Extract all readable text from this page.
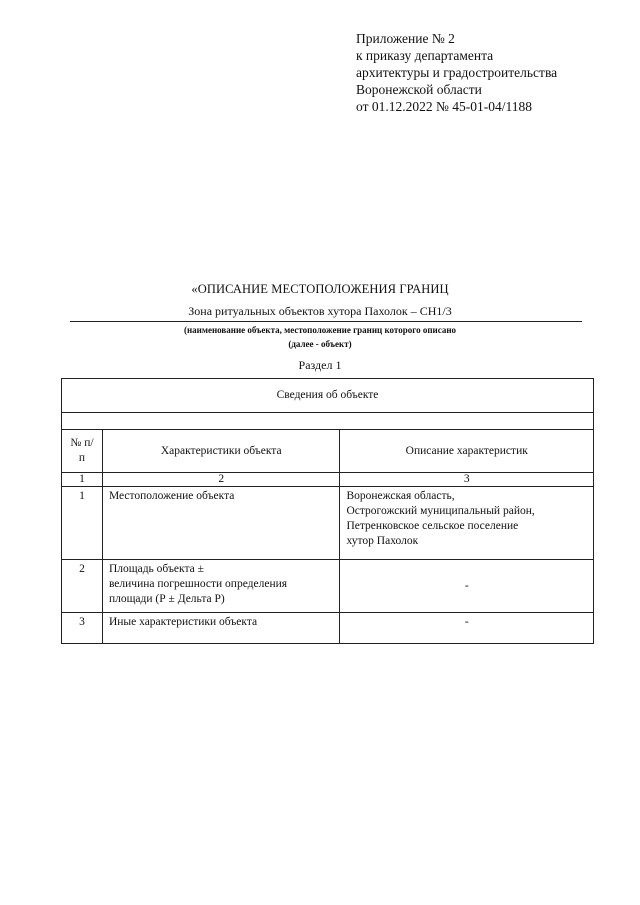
Приложение № 2
к приказу департамента
архитектуры и градостроительства
Воронежской области
от 01.12.2022 № 45-01-04/1188
«ОПИСАНИЕ МЕСТОПОЛОЖЕНИЯ ГРАНИЦ
Зона ритуальных объектов хутора Пахолок – СН1/3
(наименование объекта, местоположение границ которого описано
(далее - объект)
Раздел 1
Сведения об объекте		

№ п/п	Характеристики объекта	Описание характеристик
1	2	3
1	Местоположение объекта	Воронежская область,
Острогожский муниципальный район,
Петренковское сельское поселение
хутор Пахолок

2	Площадь объекта ±
величина погрешности определения
площади (Р ± Дельта Р)	-

3	Иные характеристики объекта	-
